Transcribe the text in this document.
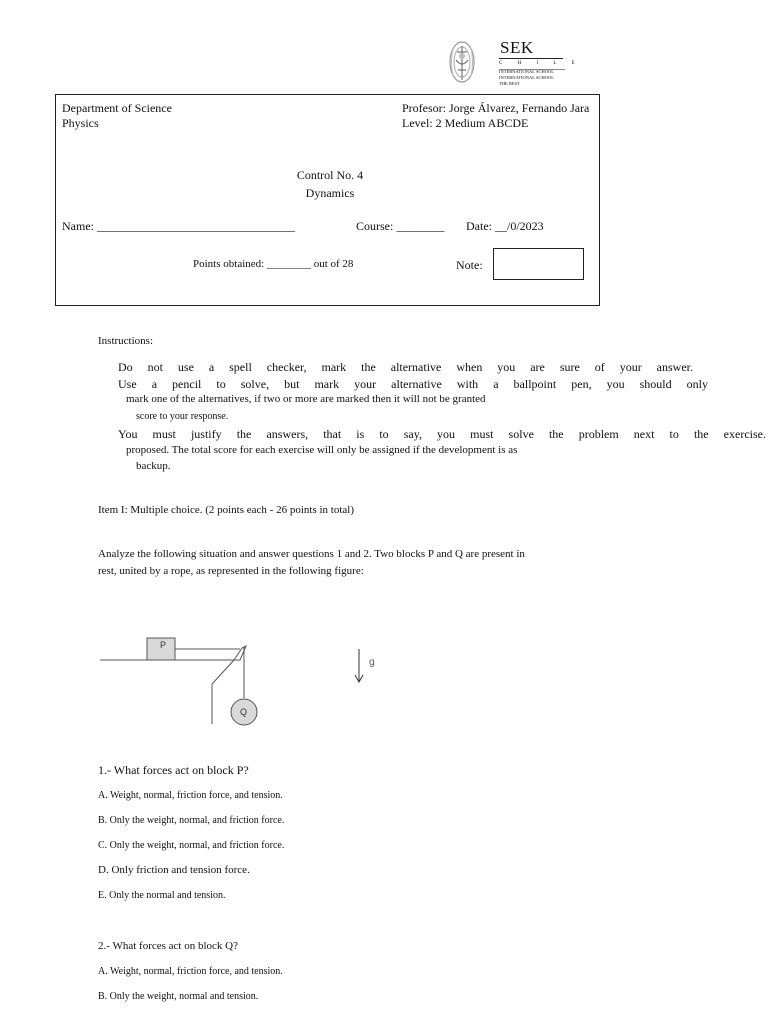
SEK
C H I L E
INTERNATIONAL SCHOOL
INTERNATIONAL SCHOOL
THE BEST
Department of Science
Physics
Profesor: Jorge Álvarez, Fernando Jara
Level: 2 Medium ABCDE
Control No. 4
Dynamics
Name: _________________________________	Course: ________ Date: __/0/2023
Points obtained: ________ out of 28	Note:
Instructions:
Do not use a spell checker, mark the alternative when you are sure of your answer.
Use a pencil to solve, but mark your alternative with a ballpoint pen, you should only
mark one of the alternatives, if two or more are marked then it will not be granted
score to your response.
You must justify the answers, that is to say, you must solve the problem next to the exercise.
proposed. The total score for each exercise will only be assigned if the development is as
backup.
Item I: Multiple choice. (2 points each - 26 points in total)
Analyze the following situation and answer questions 1 and 2. Two blocks P and Q are present in
rest, united by a rope, as represented in the following figure:
P
Q
g
1.- What forces act on block P?
A. Weight, normal, friction force, and tension.
B. Only the weight, normal, and friction force.
C. Only the weight, normal, and friction force.
D. Only friction and tension force.
E. Only the normal and tension.
2.- What forces act on block Q?
A. Weight, normal, friction force, and tension.
B. Only the weight, normal and tension.
